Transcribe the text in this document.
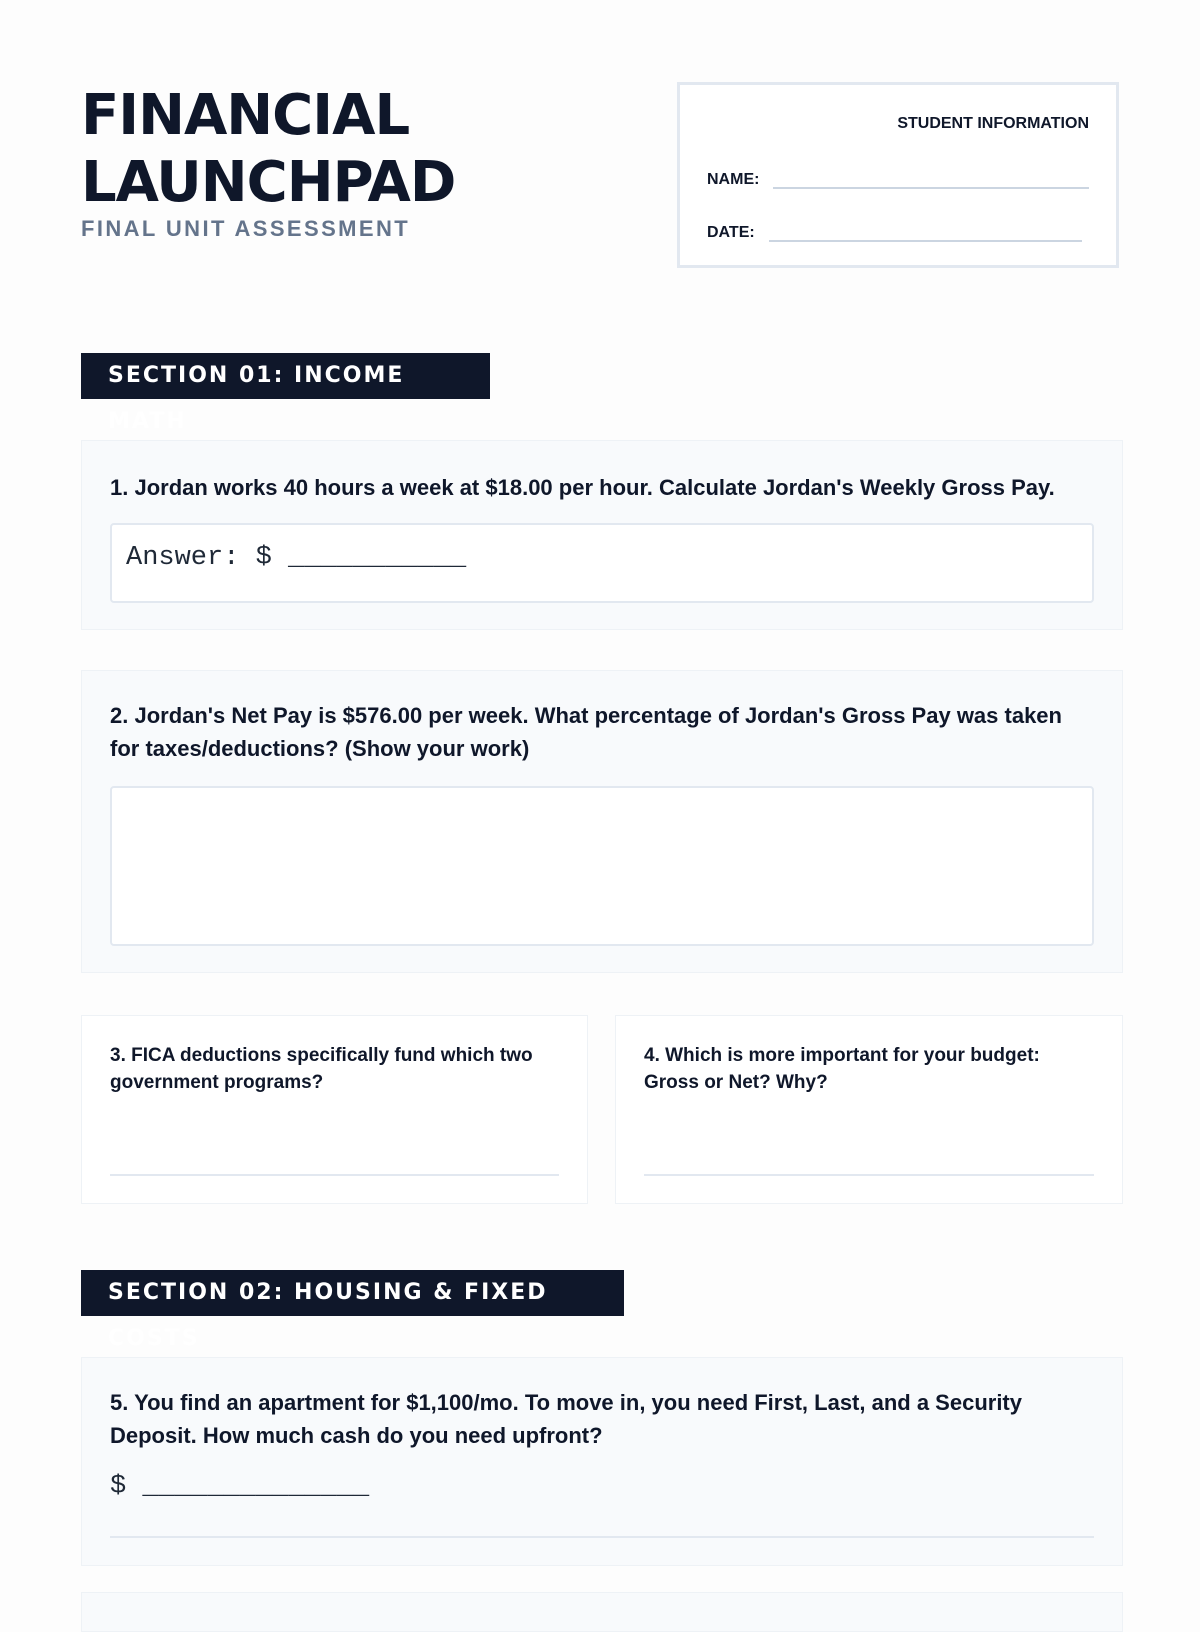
FINANCIAL
LAUNCHPAD
FINAL UNIT ASSESSMENT
STUDENT INFORMATION
NAME:
DATE:
SECTION 01: INCOME MATH
1. Jordan works 40 hours a week at $18.00 per hour. Calculate Jordan's Weekly Gross Pay.
Answer: $ ___________
2. Jordan's Net Pay is $576.00 per week. What percentage of Jordan's Gross Pay was taken for taxes/deductions? (Show your work)
3. FICA deductions specifically fund which two government programs?
4. Which is more important for your budget: Gross or Net? Why?
SECTION 02: HOUSING & FIXED COSTS
5. You find an apartment for $1,100/mo. To move in, you need First, Last, and a Security Deposit. How much cash do you need upfront?
$ ______________
